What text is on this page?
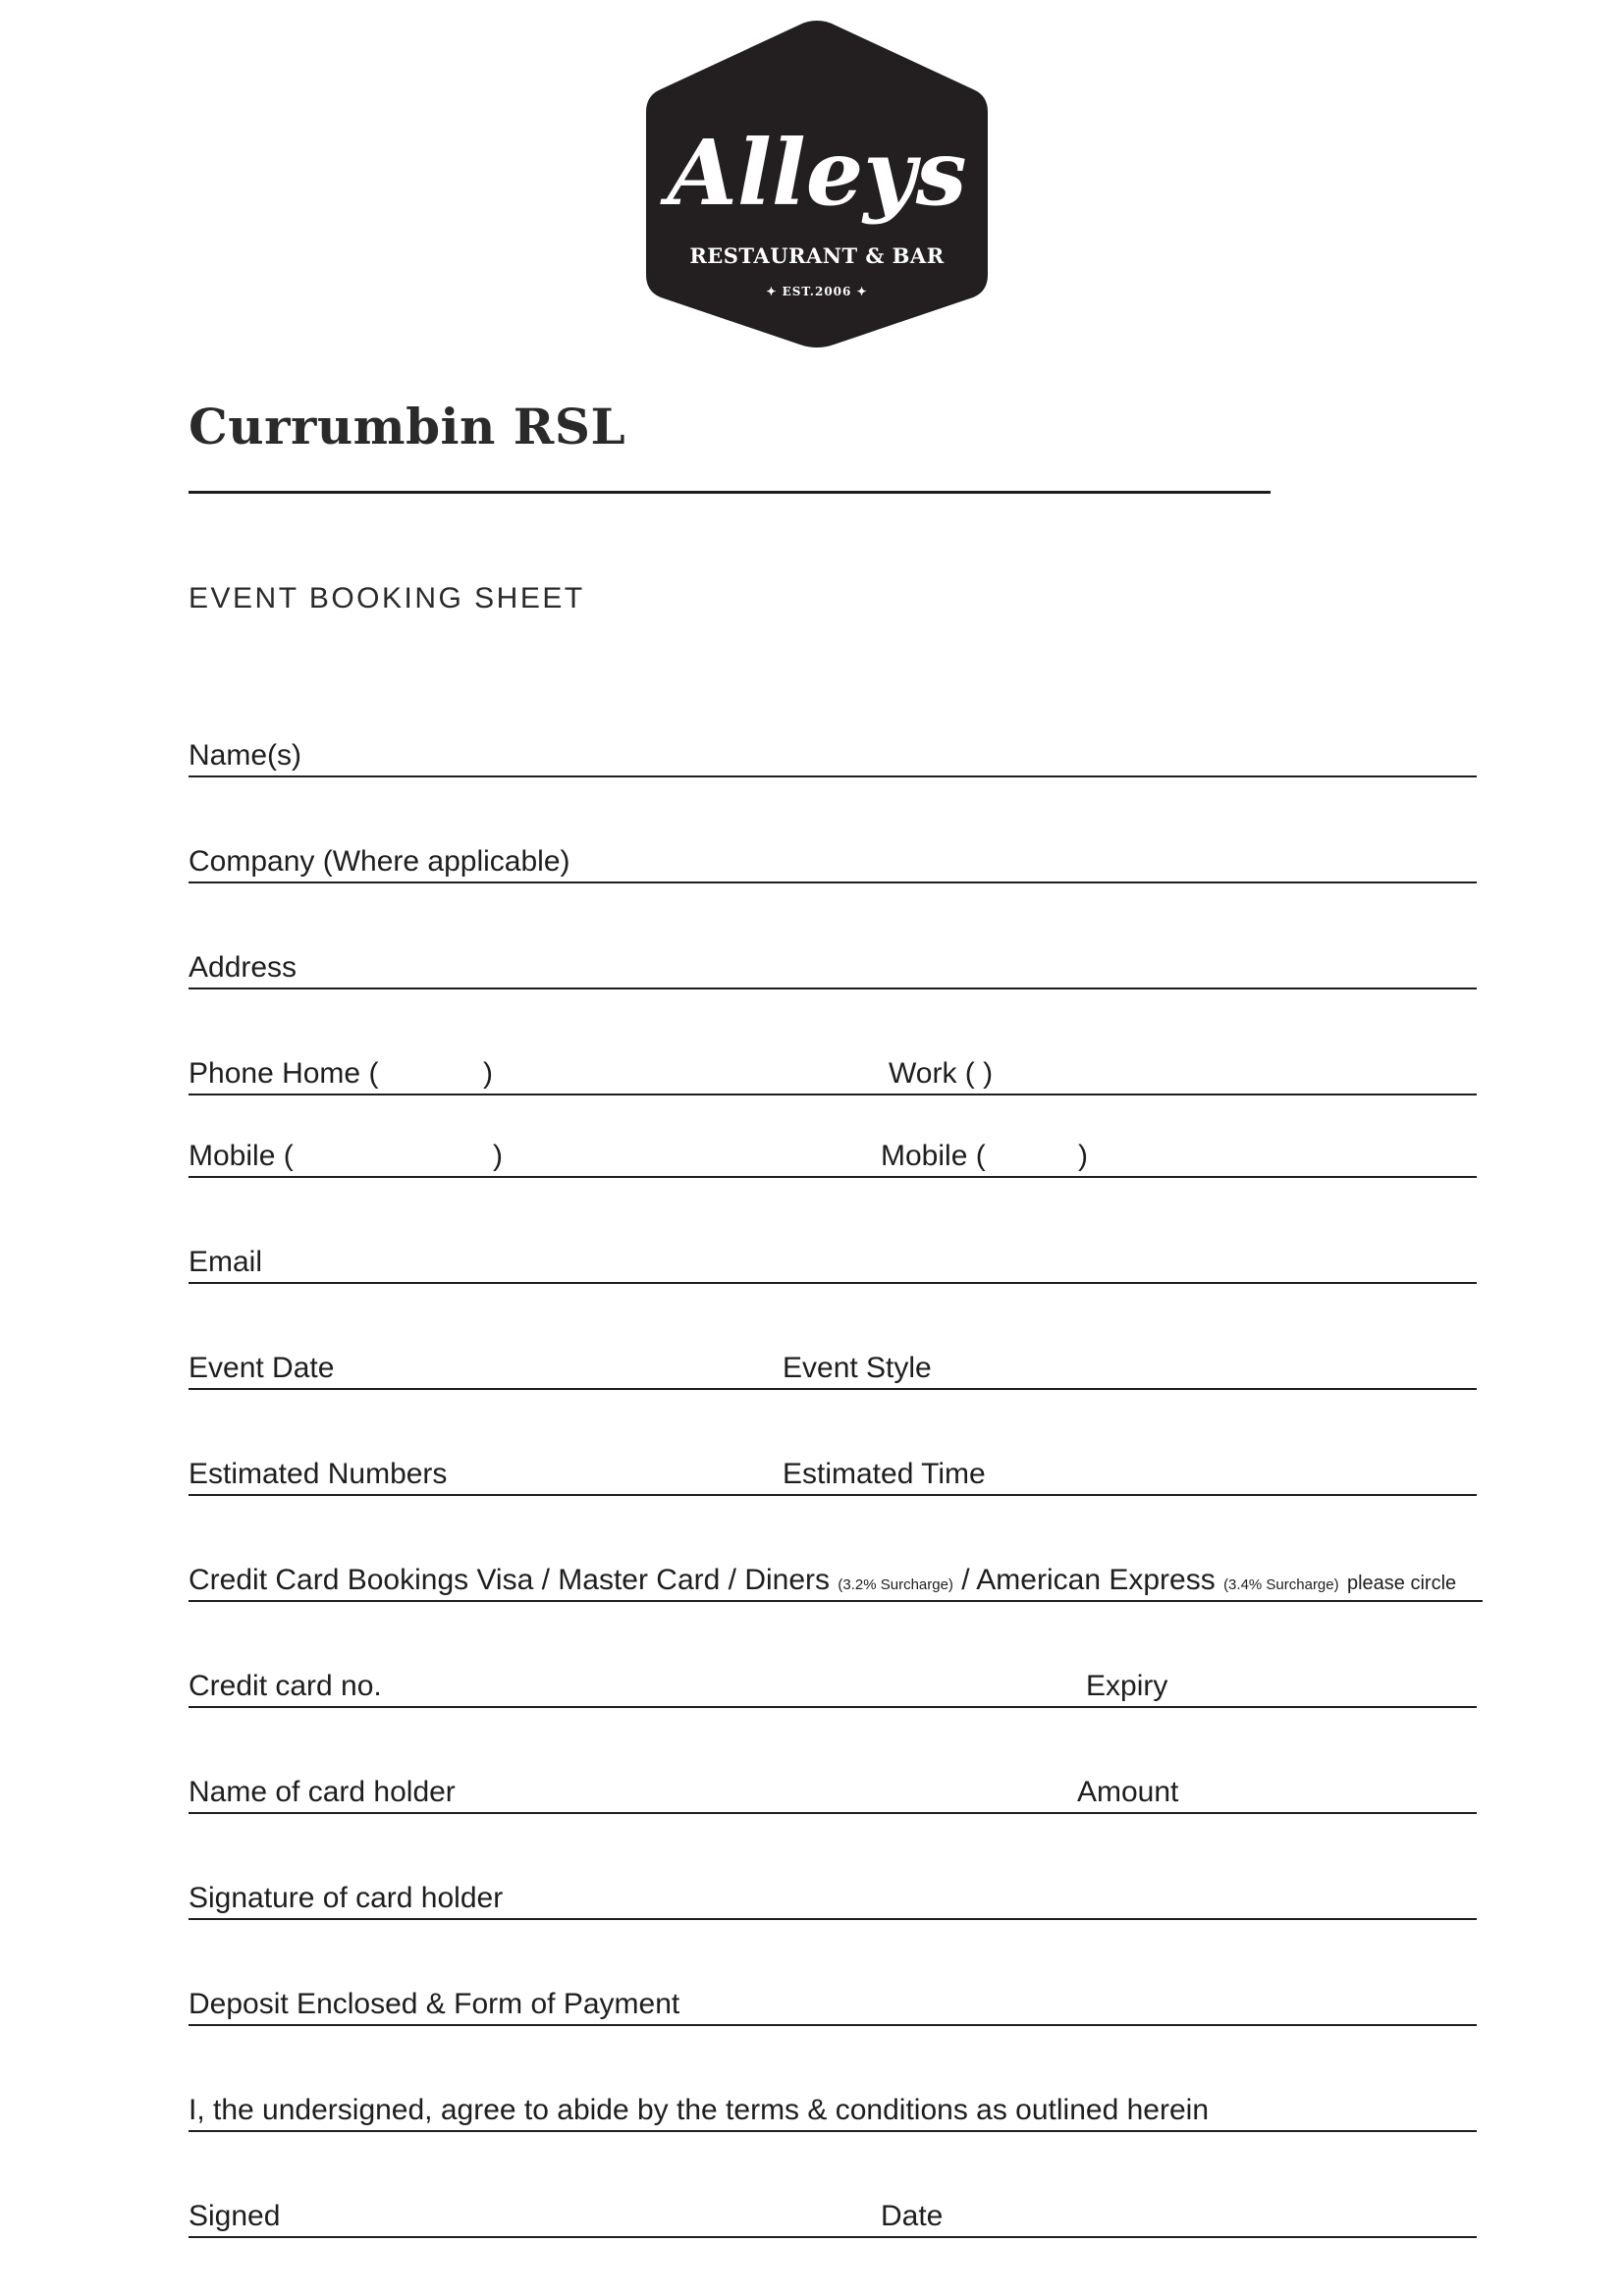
Alleys
RESTAURANT & BAR
✦ EST.2006 ✦
Currumbin RSL
EVENT BOOKING SHEET
Name(s)
Company (Where applicable)
Address
Phone Home (	)	Work ( )
Mobile (	)	Mobile (	)
Email
Event Date	Event Style
Estimated Numbers	Estimated Time
Credit Card Bookings Visa / Master Card / Diners (3.2% Surcharge) / American Express (3.4% Surcharge) please circle
Credit card no.	Expiry
Name of card holder	Amount
Signature of card holder
Deposit Enclosed & Form of Payment
I, the undersigned, agree to abide by the terms & conditions as outlined herein
Signed	Date
